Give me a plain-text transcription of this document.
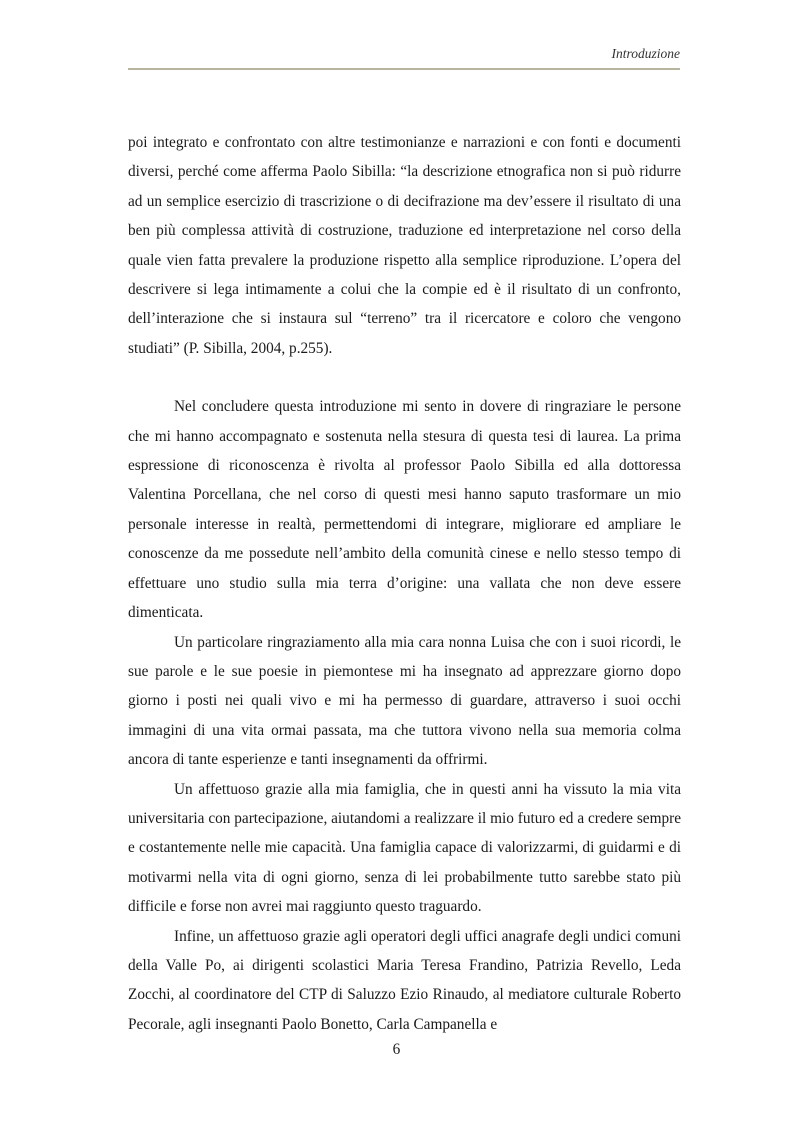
Introduzione

poi integrato e confrontato con altre testimonianze e narrazioni e con fonti e documenti diversi, perché come afferma Paolo Sibilla: “la descrizione etnografica non si può ridurre ad un semplice esercizio di trascrizione o di decifrazione ma dev’essere il risultato di una ben più complessa attività di costruzione, traduzione ed interpretazione nel corso della quale vien fatta prevalere la produzione rispetto alla semplice riproduzione. L’opera del descrivere si lega intimamente a colui che la compie ed è il risultato di un confronto, dell’interazione che si instaura sul “terreno” tra il ricercatore e coloro che vengono studiati” (P. Sibilla, 2004, p.255).

Nel concludere questa introduzione mi sento in dovere di ringraziare le persone che mi hanno accompagnato e sostenuta nella stesura di questa tesi di laurea. La prima espressione di riconoscenza è rivolta al professor Paolo Sibilla ed alla dottoressa Valentina Porcellana, che nel corso di questi mesi hanno saputo trasformare un mio personale interesse in realtà, permettendomi di integrare, migliorare ed ampliare le conoscenze da me possedute nell’ambito della comunità cinese e nello stesso tempo di effettuare uno studio sulla mia terra d’origine: una vallata che non deve essere dimenticata.

Un particolare ringraziamento alla mia cara nonna Luisa che con i suoi ricordi, le sue parole e le sue poesie in piemontese mi ha insegnato ad apprezzare giorno dopo giorno i posti nei quali vivo e mi ha permesso di guardare, attraverso i suoi occhi immagini di una vita ormai passata, ma che tuttora vivono nella sua memoria colma ancora di tante esperienze e tanti insegnamenti da offrirmi.

Un affettuoso grazie alla mia famiglia, che in questi anni ha vissuto la mia vita universitaria con partecipazione, aiutandomi a realizzare il mio futuro ed a credere sempre e costantemente nelle mie capacità. Una famiglia capace di valorizzarmi, di guidarmi e di motivarmi nella vita di ogni giorno, senza di lei probabilmente tutto sarebbe stato più difficile e forse non avrei mai raggiunto questo traguardo.

Infine, un affettuoso grazie agli operatori degli uffici anagrafe degli undici comuni della Valle Po, ai dirigenti scolastici Maria Teresa Frandino, Patrizia Revello, Leda Zocchi, al coordinatore del CTP di Saluzzo Ezio Rinaudo, al mediatore culturale Roberto Pecorale, agli insegnanti Paolo Bonetto, Carla Campanella e

6
